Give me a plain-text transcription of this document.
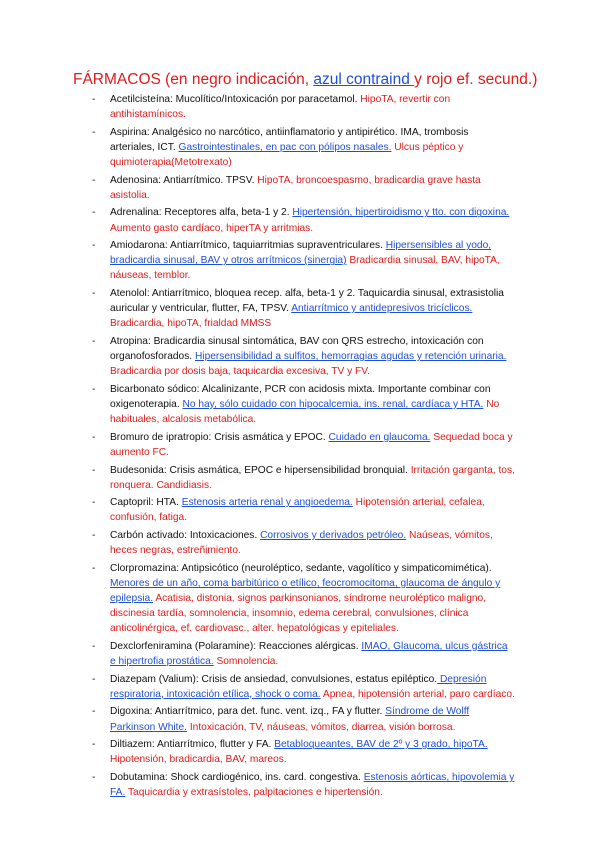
FÁRMACOS (en negro indicación, azul contraind y rojo ef. secund.)
- Acetilcisteína: Mucolítico/Intoxicación por paracetamol. HipoTA, revertir con antihistamínicos.
- Aspirina: Analgésico no narcótico, antiinflamatorio y antipirético. IMA, trombosis arteriales, ICT. Gastrointestinales, en pac con pólipos nasales. Ulcus péptico y quimioterapia(Metotrexato)
- Adenosina: Antiarrítmico. TPSV. HipoTA, broncoespasmo, bradicardia grave hasta asistolia.
- Adrenalina: Receptores alfa, beta-1 y 2. Hipertensión, hipertiroidismo y tto. con digoxina. Aumento gasto cardíaco, hiperTA y arritmias.
- Amiodarona: Antiarrítmico, taquiarritmias supraventriculares. Hipersensibles al yodo, bradicardia sinusal, BAV y otros arrítmicos (sinergia) Bradicardia sinusal, BAV, hipoTA, náuseas, temblor.
- Atenolol: Antiarrítmico, bloquea recep. alfa, beta-1 y 2. Taquicardia sinusal, extrasistolia auricular y ventricular, flutter, FA, TPSV. Antiarrítmico y antidepresivos tricíclicos. Bradicardia, hipoTA, frialdad MMSS
- Atropina: Bradicardia sinusal sintomática, BAV con QRS estrecho, intoxicación con organofosforados. Hipersensibilidad a sulfitos, hemorragias agudas y retención urinaria. Bradicardia por dosis baja, taquicardia excesiva, TV y FV.
- Bicarbonato sódico: Alcalinizante, PCR con acidosis mixta. Importante combinar con oxigenoterapia. No hay, sólo cuidado con hipocalcemia, ins. renal, cardíaca y HTA. No habituales, alcalosis metabólica.
- Bromuro de ipratropio: Crisis asmática y EPOC. Cuidado en glaucoma. Sequedad boca y aumento FC.
- Budesonida: Crisis asmática, EPOC e hipersensibilidad bronquial. Irritación garganta, tos, ronquera. Candidiasis.
- Captopril: HTA. Estenosis arteria renal y angioedema. Hipotensión arterial, cefalea, confusión, fatiga.
- Carbón activado: Intoxicaciones. Corrosivos y derivados petróleo. Naúseas, vómitos, heces negras, estreñimiento.
- Clorpromazina: Antipsicótico (neuroléptico, sedante, vagolítico y simpaticomimética). Menores de un año, coma barbitúrico o etílico, feocromocitoma, glaucoma de ángulo y epilepsia. Acatisia, distonia, signos parkinsonianos, síndrome neuroléptico maligno, discinesia tardía, somnolencia, insomnio, edema cerebral, convulsiones, clínica anticolinérgica, ef. cardiovasc., alter. hepatológicas y epiteliales.
- Dexclorfeniramina (Polaramine): Reacciones alérgicas. IMAO, Glaucoma, ulcus gástrica e hipertrofia prostática. Somnolencia.
- Diazepam (Valium): Crisis de ansiedad, convulsiones, estatus epiléptico. Depresión respiratoria, intoxicación etílica, shock o coma. Apnea, hipotensión arterial, paro cardíaco.
- Digoxina: Antiarrítmico, para det. func. vent. izq., FA y flutter. Síndrome de Wolff Parkinson White. Intoxicación, TV, náuseas, vómitos, diarrea, visión borrosa.
- Diltiazem: Antiarrítmico, flutter y FA. Betabloqueantes, BAV de 2º y 3 grado, hipoTA. Hipotensión, bradicardia, BAV, mareos.
- Dobutamina: Shock cardiogénico, ins. card. congestiva. Estenosis aórticas, hipovolemia y FA. Taquicardia y extrasístoles, palpitaciones e hipertensión.
